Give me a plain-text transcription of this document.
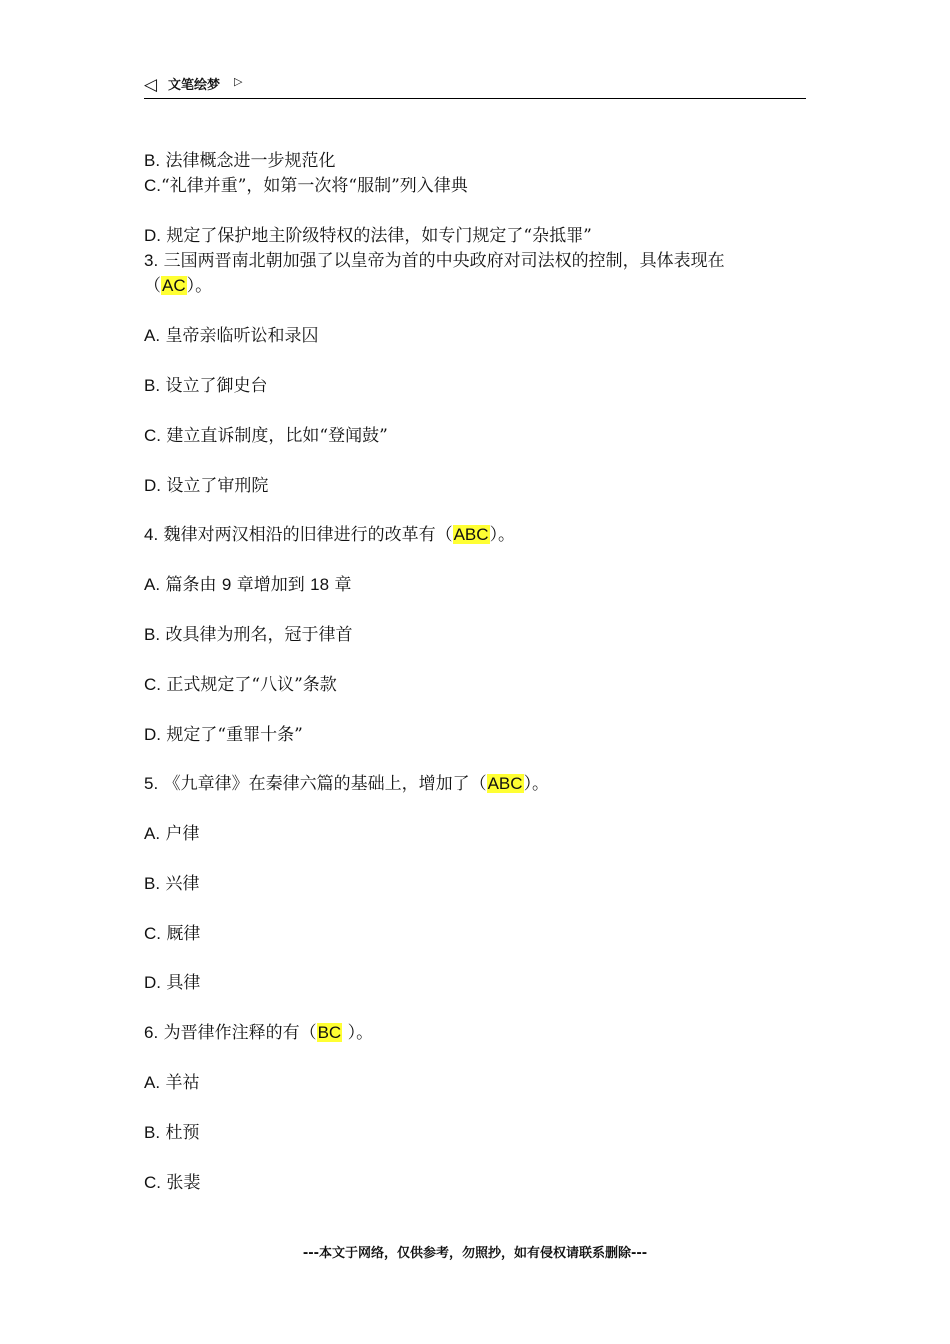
◁ 文笔绘梦 ▷
B. 法律概念进一步规范化
C.“礼律并重”，如第一次将“服制”列入律典
D. 规定了保护地主阶级特权的法律，如专门规定了“杂抵罪”
3. 三国两晋南北朝加强了以皇帝为首的中央政府对司法权的控制，具体表现在
（AC）。
A. 皇帝亲临听讼和录囚
B. 设立了御史台
C. 建立直诉制度，比如“登闻鼓”
D. 设立了审刑院
4. 魏律对两汉相沿的旧律进行的改革有（ABC）。
A. 篇条由 9 章增加到 18 章
B. 改具律为刑名，冠于律首
C. 正式规定了“八议”条款
D. 规定了“重罪十条”
5. 《九章律》在秦律六篇的基础上，增加了（ABC）。
A. 户律
B. 兴律
C. 厩律
D. 具律
6. 为晋律作注释的有（BC ）。
A. 羊祜
B. 杜预
C. 张裴
---本文于网络，仅供参考，勿照抄，如有侵权请联系删除---
